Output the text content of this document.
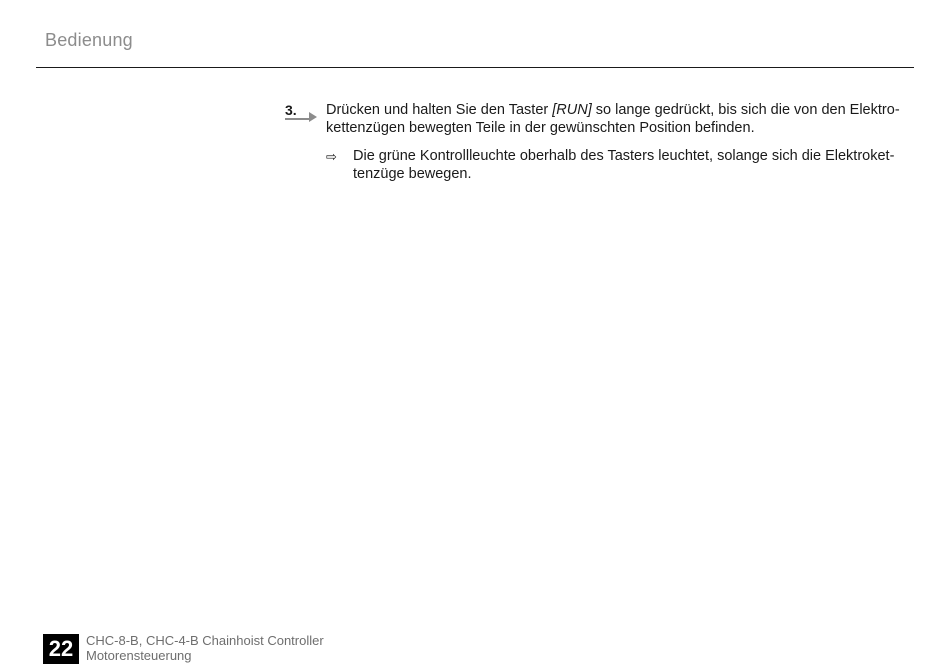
Bedienung
3. Drücken und halten Sie den Taster [RUN] so lange gedrückt, bis sich die von den Elektrokettenzügen bewegten Teile in der gewünschten Position befinden.
⇨ Die grüne Kontrollleuchte oberhalb des Tasters leuchtet, solange sich die Elektrokettenzüge bewegen.
22 CHC-8-B, CHC-4-B Chainhoist Controller
Motorensteuerung
